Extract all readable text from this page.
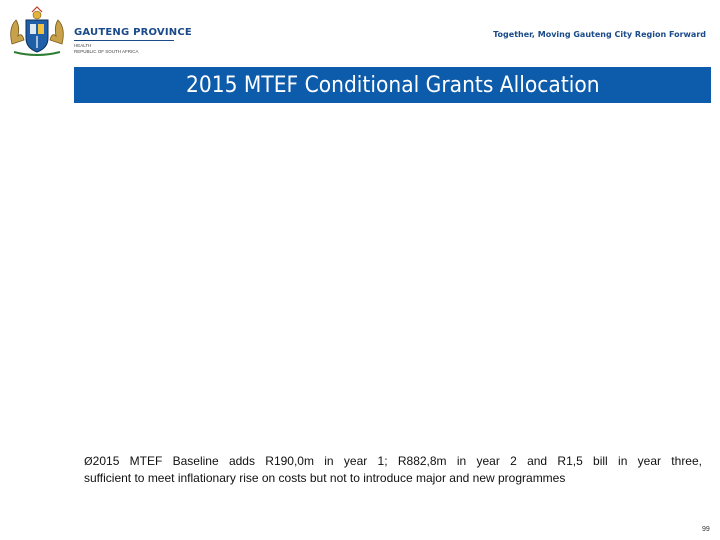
GAUTENG PROVINCE
HEALTH
REPUBLIC OF SOUTH AFRICA
Together, Moving Gauteng City Region Forward
2015 MTEF Conditional Grants Allocation
Ø2015 MTEF Baseline adds R190,0m in year 1; R882,8m in year 2 and R1,5 bill in year three,
sufficient to meet inflationary rise on costs but not to introduce major and new programmes
99
